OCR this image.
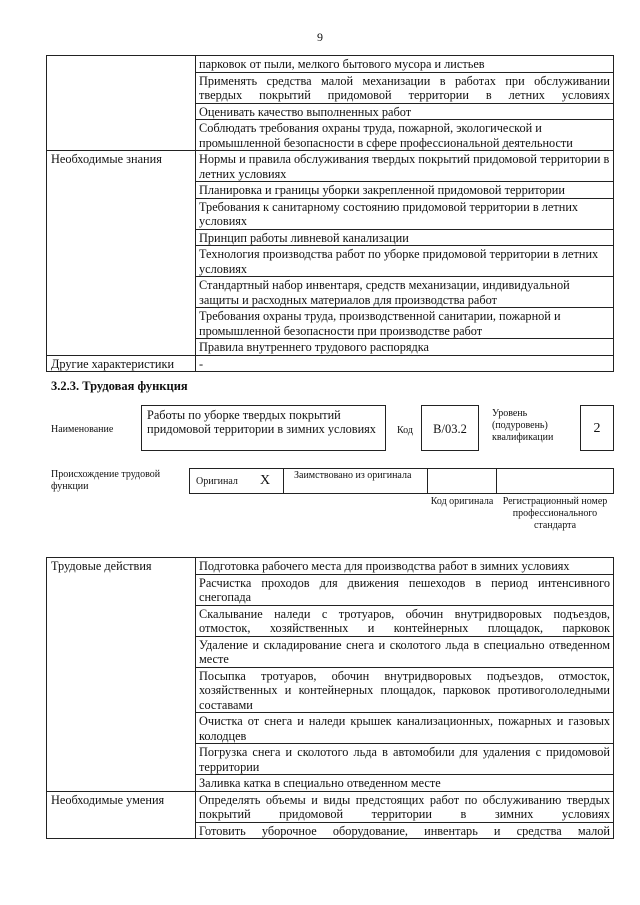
9
	парковок от пыли, мелкого бытового мусора и листьев
	Применять средства малой механизации в работах при обслуживании твердых покрытий придомовой территории в летних условиях
	Оценивать качество выполненных работ
	Соблюдать требования охраны труда, пожарной, экологической и промышленной безопасности в сфере профессиональной деятельности
Необходимые знания	Нормы и правила обслуживания твердых покрытий придомовой территории в летних условиях
	Планировка и границы уборки закрепленной придомовой территории
	Требования к санитарному состоянию придомовой территории в летних условиях
	Принцип работы ливневой канализации
	Технология производства работ по уборке придомовой территории в летних условиях
	Стандартный набор инвентаря, средств механизации, индивидуальной защиты и расходных материалов для производства работ
	Требования охраны труда, производственной санитарии, пожарной и промышленной безопасности при производстве работ
	Правила внутреннего трудового распорядка
Другие характеристики	-
3.2.3. Трудовая функция
Наименование
Работы по уборке твердых покрытий придомовой территории в зимних условиях	Код	B/03.2
Уровень (подуровень) квалификации
2
Происхождение трудовой функции	Оригинал X	Заимствовано из оригинала
Код оригинала Регистрационный номер профессионального стандарта
Трудовые действия	Подготовка рабочего места для производства работ в зимних условиях
	Расчистка проходов для движения пешеходов в период интенсивного снегопада
	Скалывание наледи с тротуаров, обочин внутридворовых подъездов, отмосток, хозяйственных и контейнерных площадок, парковок
	Удаление и складирование снега и сколотого льда в специально отведенном месте
	Посыпка тротуаров, обочин внутридворовых подъездов, отмосток, хозяйственных и контейнерных площадок, парковок противогололедными составами
	Очистка от снега и наледи крышек канализационных, пожарных и газовых колодцев
	Погрузка снега и сколотого льда в автомобили для удаления с придомовой территории
	Заливка катка в специально отведенном месте
Необходимые умения	Определять объемы и виды предстоящих работ по обслуживанию твердых покрытий придомовой территории в зимних условиях
	Готовить уборочное оборудование, инвентарь и средства малой
